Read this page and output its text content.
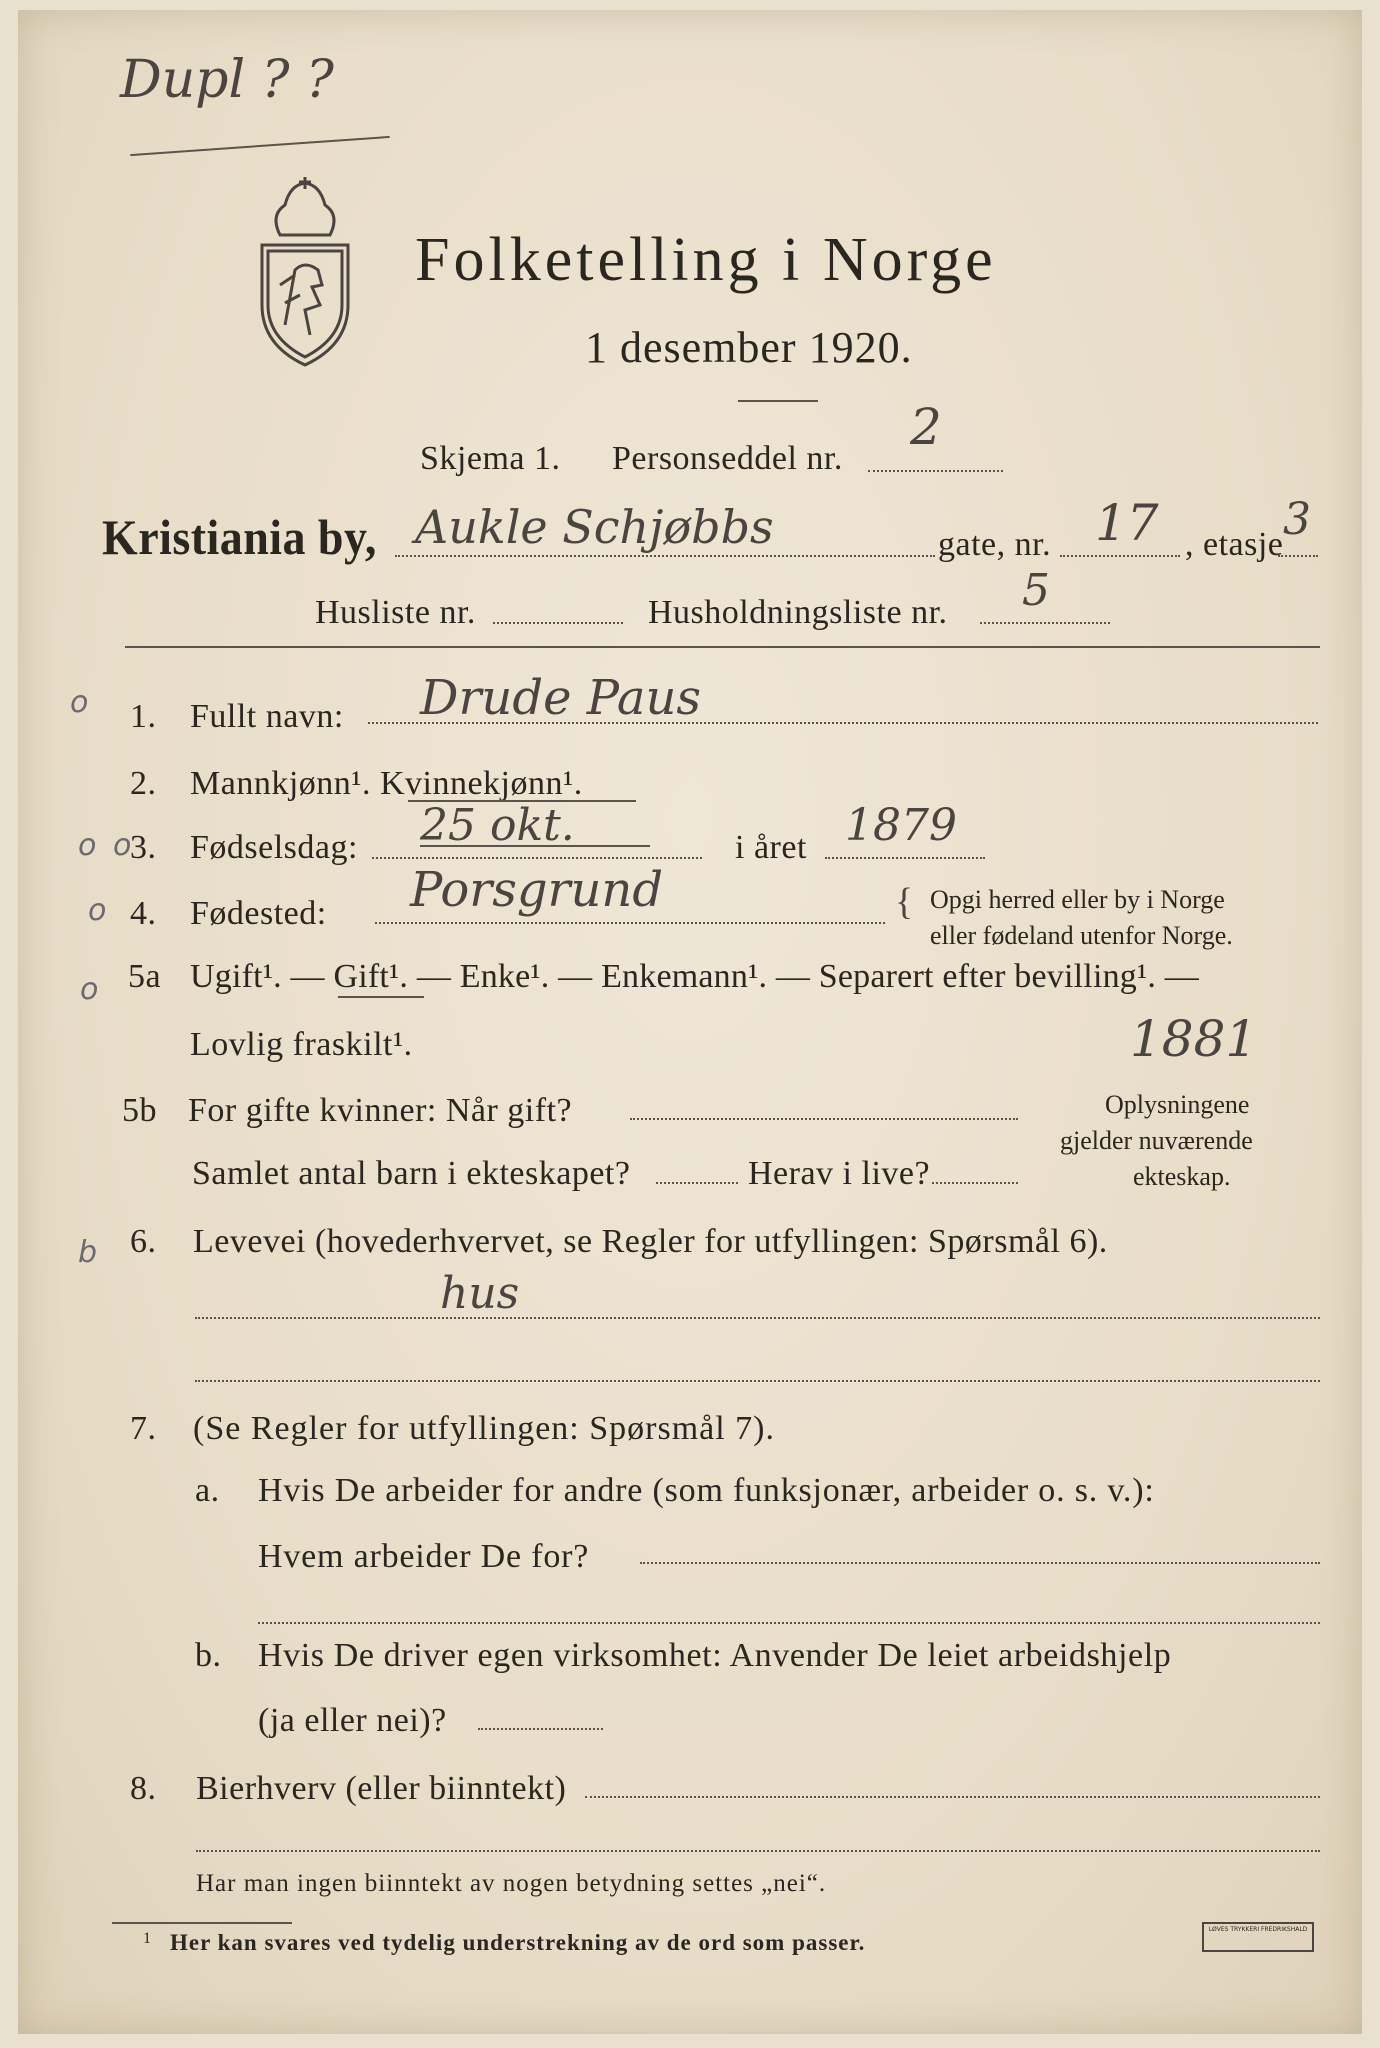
Dupl ? ?
Folketelling i Norge
1 desember 1920.
Skjema 1. Personseddel nr.
2
Kristiania by, Aukle Schjøbbs	gate, nr. 17 , etasje 3
Husliste nr.	Husholdningsliste nr. 5
o
o o
o
o
b
1. Fullt navn: Drude Paus
2. Mannkjønn¹. Kvinnekjønn¹.
3. Fødselsdag: 25 okt.	i året 1879
4. Fødested: Porsgrund	{ Opgi herred eller by i Norge
eller fødeland utenfor Norge.
5a Ugift¹. — Gift¹. — Enke¹. — Enkemann¹. — Separert efter bevilling¹. —
Lovlig fraskilt¹.	1881
5b For gifte kvinner: Når gift?
Samlet antal barn i ekteskapet?	Herav i live?
Oplysningene
gjelder nuværende
ekteskap.
6. Levevei (hovederhvervet, se Regler for utfyllingen: Spørsmål 6).
hus
7. (Se Regler for utfyllingen: Spørsmål 7).
a. Hvis De arbeider for andre (som funksjonær, arbeider o. s. v.):
Hvem arbeider De for?
b. Hvis De driver egen virksomhet: Anvender De leiet arbeidshjelp
(ja eller nei)?
8. Bierhverv (eller biinntekt)
Har man ingen biinntekt av nogen betydning settes „nei“.
1 Her kan svares ved tydelig understrekning av de ord som passer.
LØVES TRYKKERI FREDRIKSHALD
